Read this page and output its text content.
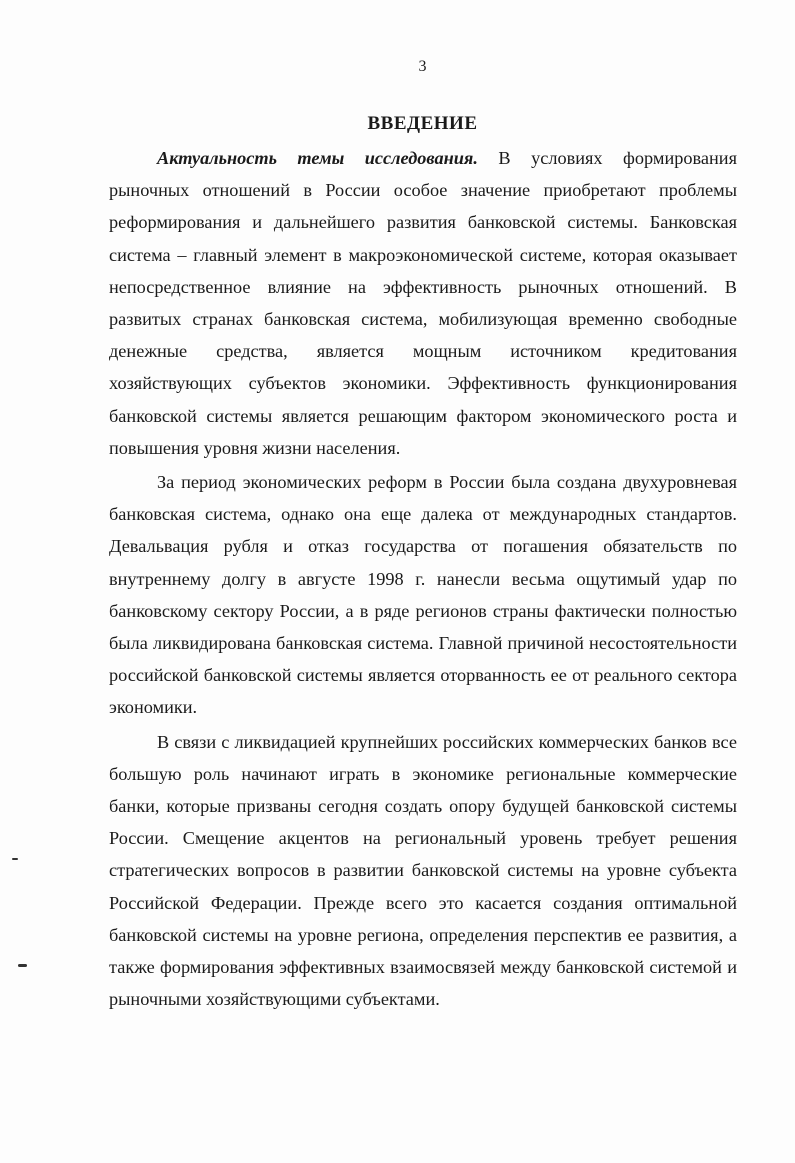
3
ВВЕДЕНИЕ

Актуальность темы исследования. В условиях формирования рыночных отношений в России особое значение приобретают проблемы реформирования и дальнейшего развития банковской системы. Банковская система – главный элемент в макроэкономической системе, которая оказывает непосредственное влияние на эффективность рыночных отношений. В развитых странах банковская система, мобилизующая временно свободные денежные средства, является мощным источником кредитования хозяйствующих субъектов экономики. Эффективность функционирования банковской системы является решающим фактором экономического роста и повышения уровня жизни населения.

За период экономических реформ в России была создана двухуровневая банковская система, однако она еще далека от международных стандартов. Девальвация рубля и отказ государства от погашения обязательств по внутреннему долгу в августе 1998 г. нанесли весьма ощутимый удар по банковскому сектору России, а в ряде регионов страны фактически полностью была ликвидирована банковская система. Главной причиной несостоятельности российской банковской системы является оторванность ее от реального сектора экономики.

В связи с ликвидацией крупнейших российских коммерческих банков все большую роль начинают играть в экономике региональные коммерческие банки, которые призваны сегодня создать опору будущей банковской системы России. Смещение акцентов на региональный уровень требует решения стратегических вопросов в развитии банковской системы на уровне субъекта Российской Федерации. Прежде всего это касается создания оптимальной банковской системы на уровне региона, определения перспектив ее развития, а также формирования эффективных взаимосвязей между банковской системой и рыночными хозяйствующими субъектами.
